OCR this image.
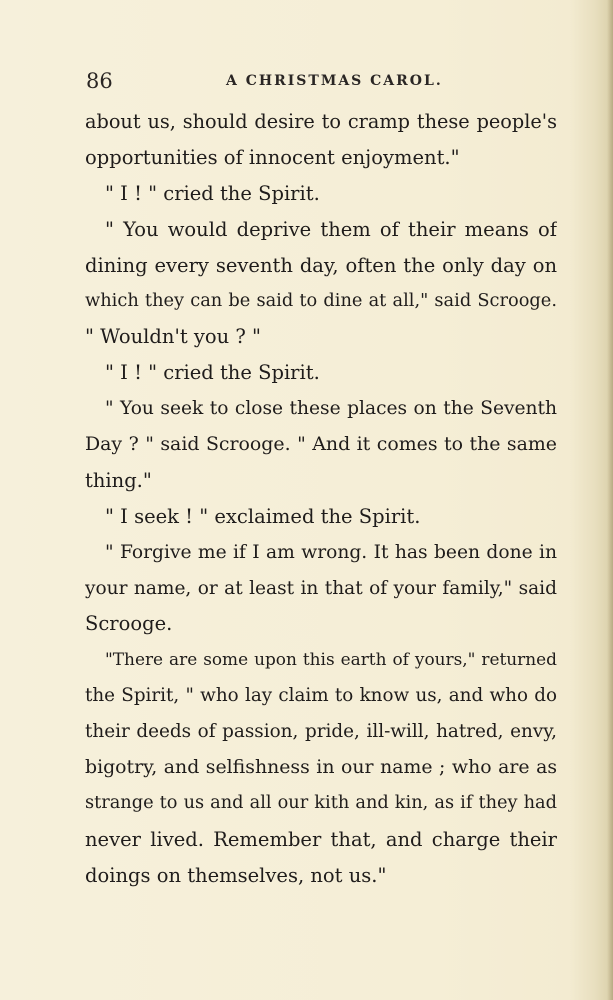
86	A CHRISTMAS CAROL.
about us, should desire to cramp these people's
opportunities of innocent enjoyment."
" I ! " cried the Spirit.
" You would deprive them of their means of
dining every seventh day, often the only day on
which they can be said to dine at all," said Scrooge.
" Wouldn't you ? "
" I ! " cried the Spirit.
" You seek to close these places on the Seventh
Day ? " said Scrooge. " And it comes to the same
thing."
" I seek ! " exclaimed the Spirit.
" Forgive me if I am wrong. It has been done in
your name, or at least in that of your family," said
Scrooge.
"There are some upon this earth of yours," returned
the Spirit, " who lay claim to know us, and who do
their deeds of passion, pride, ill-will, hatred, envy,
bigotry, and selfishness in our name ; who are as
strange to us and all our kith and kin, as if they had
never lived. Remember that, and charge their
doings on themselves, not us."
